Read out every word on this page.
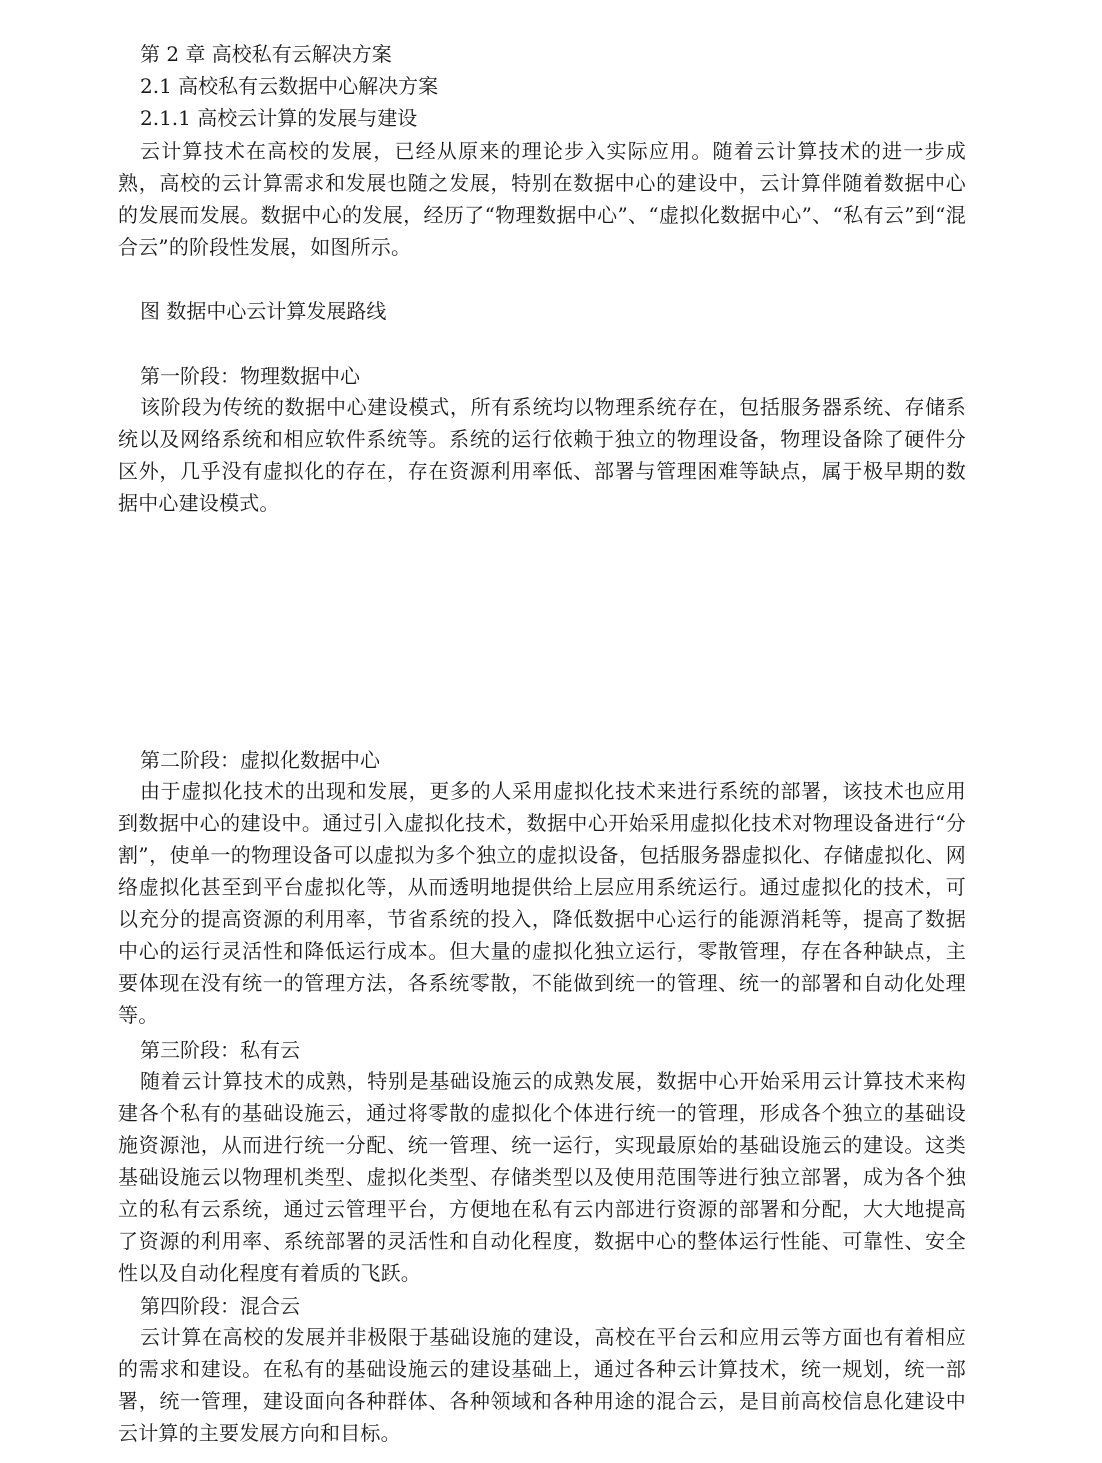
第 2 章 高校私有云解决方案
2.1 高校私有云数据中心解决方案
2.1.1 高校云计算的发展与建设

云计算技术在高校的发展，已经从原来的理论步入实际应用。随着云计算技术的进一步成熟，高校的云计算需求和发展也随之发展，特别在数据中心的建设中，云计算伴随着数据中心的发展而发展。数据中心的发展，经历了“物理数据中心”、“虚拟化数据中心”、“私有云”到“混合云”的阶段性发展，如图所示。

图 数据中心云计算发展路线
第一阶段：物理数据中心

该阶段为传统的数据中心建设模式，所有系统均以物理系统存在，包括服务器系统、存储系统以及网络系统和相应软件系统等。系统的运行依赖于独立的物理设备，物理设备除了硬件分区外，几乎没有虚拟化的存在，存在资源利用率低、部署与管理困难等缺点，属于极早期的数据中心建设模式。

第二阶段：虚拟化数据中心

由于虚拟化技术的出现和发展，更多的人采用虚拟化技术来进行系统的部署，该技术也应用到数据中心的建设中。通过引入虚拟化技术，数据中心开始采用虚拟化技术对物理设备进行“分割”，使单一的物理设备可以虚拟为多个独立的虚拟设备，包括服务器虚拟化、存储虚拟化、网络虚拟化甚至到平台虚拟化等，从而透明地提供给上层应用系统运行。通过虚拟化的技术，可以充分的提高资源的利用率，节省系统的投入，降低数据中心运行的能源消耗等，提高了数据中心的运行灵活性和降低运行成本。但大量的虚拟化独立运行，零散管理，存在各种缺点，主要体现在没有统一的管理方法，各系统零散，不能做到统一的管理、统一的部署和自动化处理等。

第三阶段：私有云

随着云计算技术的成熟，特别是基础设施云的成熟发展，数据中心开始采用云计算技术来构建各个私有的基础设施云，通过将零散的虚拟化个体进行统一的管理，形成各个独立的基础设施资源池，从而进行统一分配、统一管理、统一运行，实现最原始的基础设施云的建设。这类基础设施云以物理机类型、虚拟化类型、存储类型以及使用范围等进行独立部署，成为各个独立的私有云系统，通过云管理平台，方便地在私有云内部进行资源的部署和分配，大大地提高了资源的利用率、系统部署的灵活性和自动化程度，数据中心的整体运行性能、可靠性、安全性以及自动化程度有着质的飞跃。

第四阶段：混合云

云计算在高校的发展并非极限于基础设施的建设，高校在平台云和应用云等方面也有着相应的需求和建设。在私有的基础设施云的建设基础上，通过各种云计算技术，统一规划，统一部署，统一管理，建设面向各种群体、各种领域和各种用途的混合云，是目前高校信息化建设中云计算的主要发展方向和目标。
